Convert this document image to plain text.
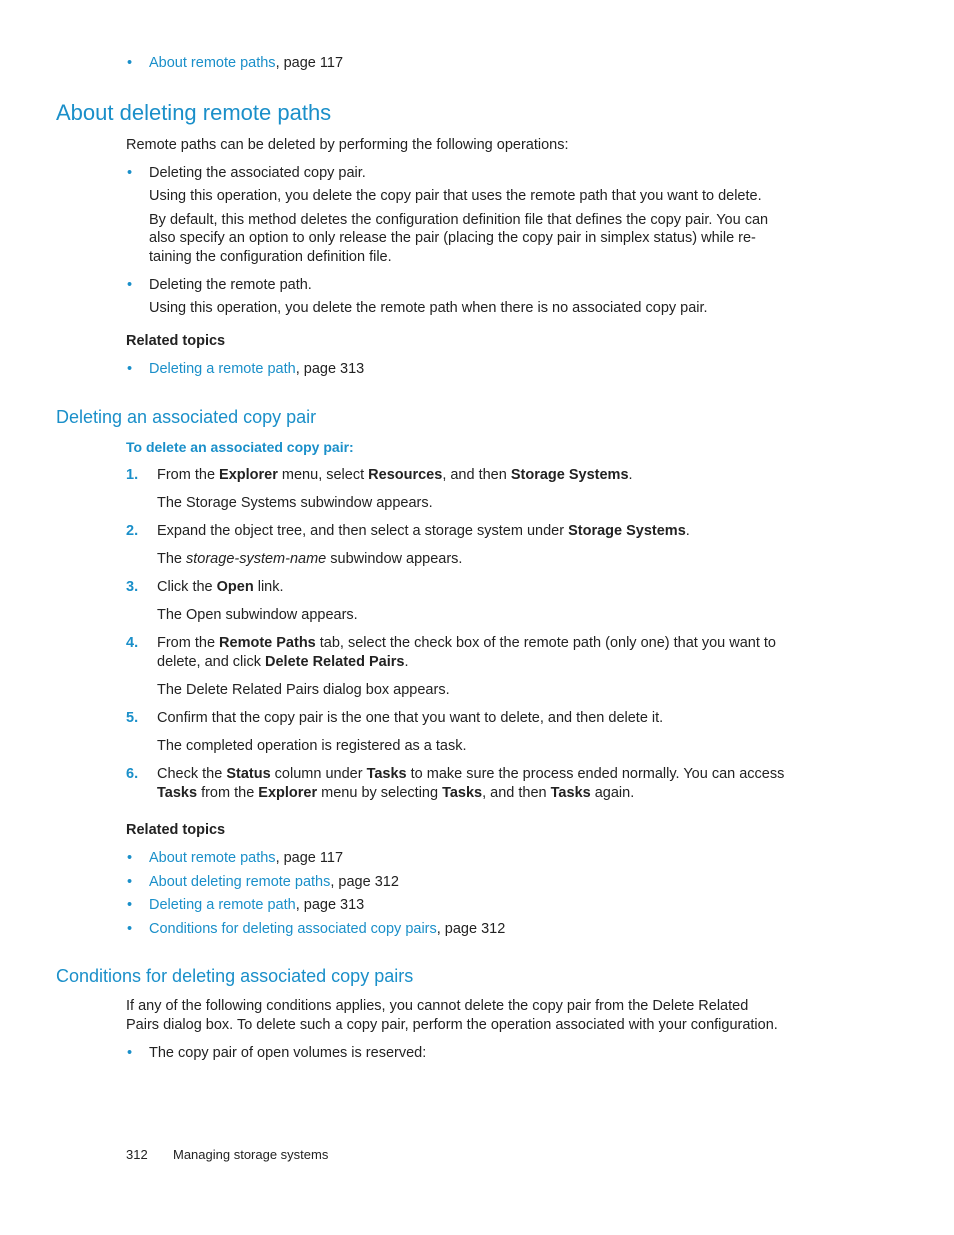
• About remote paths, page 117
About deleting remote paths
Remote paths can be deleted by performing the following operations:
• Deleting the associated copy pair.
Using this operation, you delete the copy pair that uses the remote path that you want to delete.
By default, this method deletes the configuration definition file that defines the copy pair. You can
also specify an option to only release the pair (placing the copy pair in simplex status) while re-
taining the configuration definition file.
• Deleting the remote path.
Using this operation, you delete the remote path when there is no associated copy pair.
Related topics
• Deleting a remote path, page 313
Deleting an associated copy pair
To delete an associated copy pair:
1. From the Explorer menu, select Resources, and then Storage Systems.
The Storage Systems subwindow appears.
2. Expand the object tree, and then select a storage system under Storage Systems.
The storage-system-name subwindow appears.
3. Click the Open link.
The Open subwindow appears.
4. From the Remote Paths tab, select the check box of the remote path (only one) that you want to
delete, and click Delete Related Pairs.
The Delete Related Pairs dialog box appears.
5. Confirm that the copy pair is the one that you want to delete, and then delete it.
The completed operation is registered as a task.
6. Check the Status column under Tasks to make sure the process ended normally. You can access
Tasks from the Explorer menu by selecting Tasks, and then Tasks again.
Related topics
• About remote paths, page 117
• About deleting remote paths, page 312
• Deleting a remote path, page 313
• Conditions for deleting associated copy pairs, page 312
Conditions for deleting associated copy pairs
If any of the following conditions applies, you cannot delete the copy pair from the Delete Related
Pairs dialog box. To delete such a copy pair, perform the operation associated with your configuration.
• The copy pair of open volumes is reserved:
312 Managing storage systems
